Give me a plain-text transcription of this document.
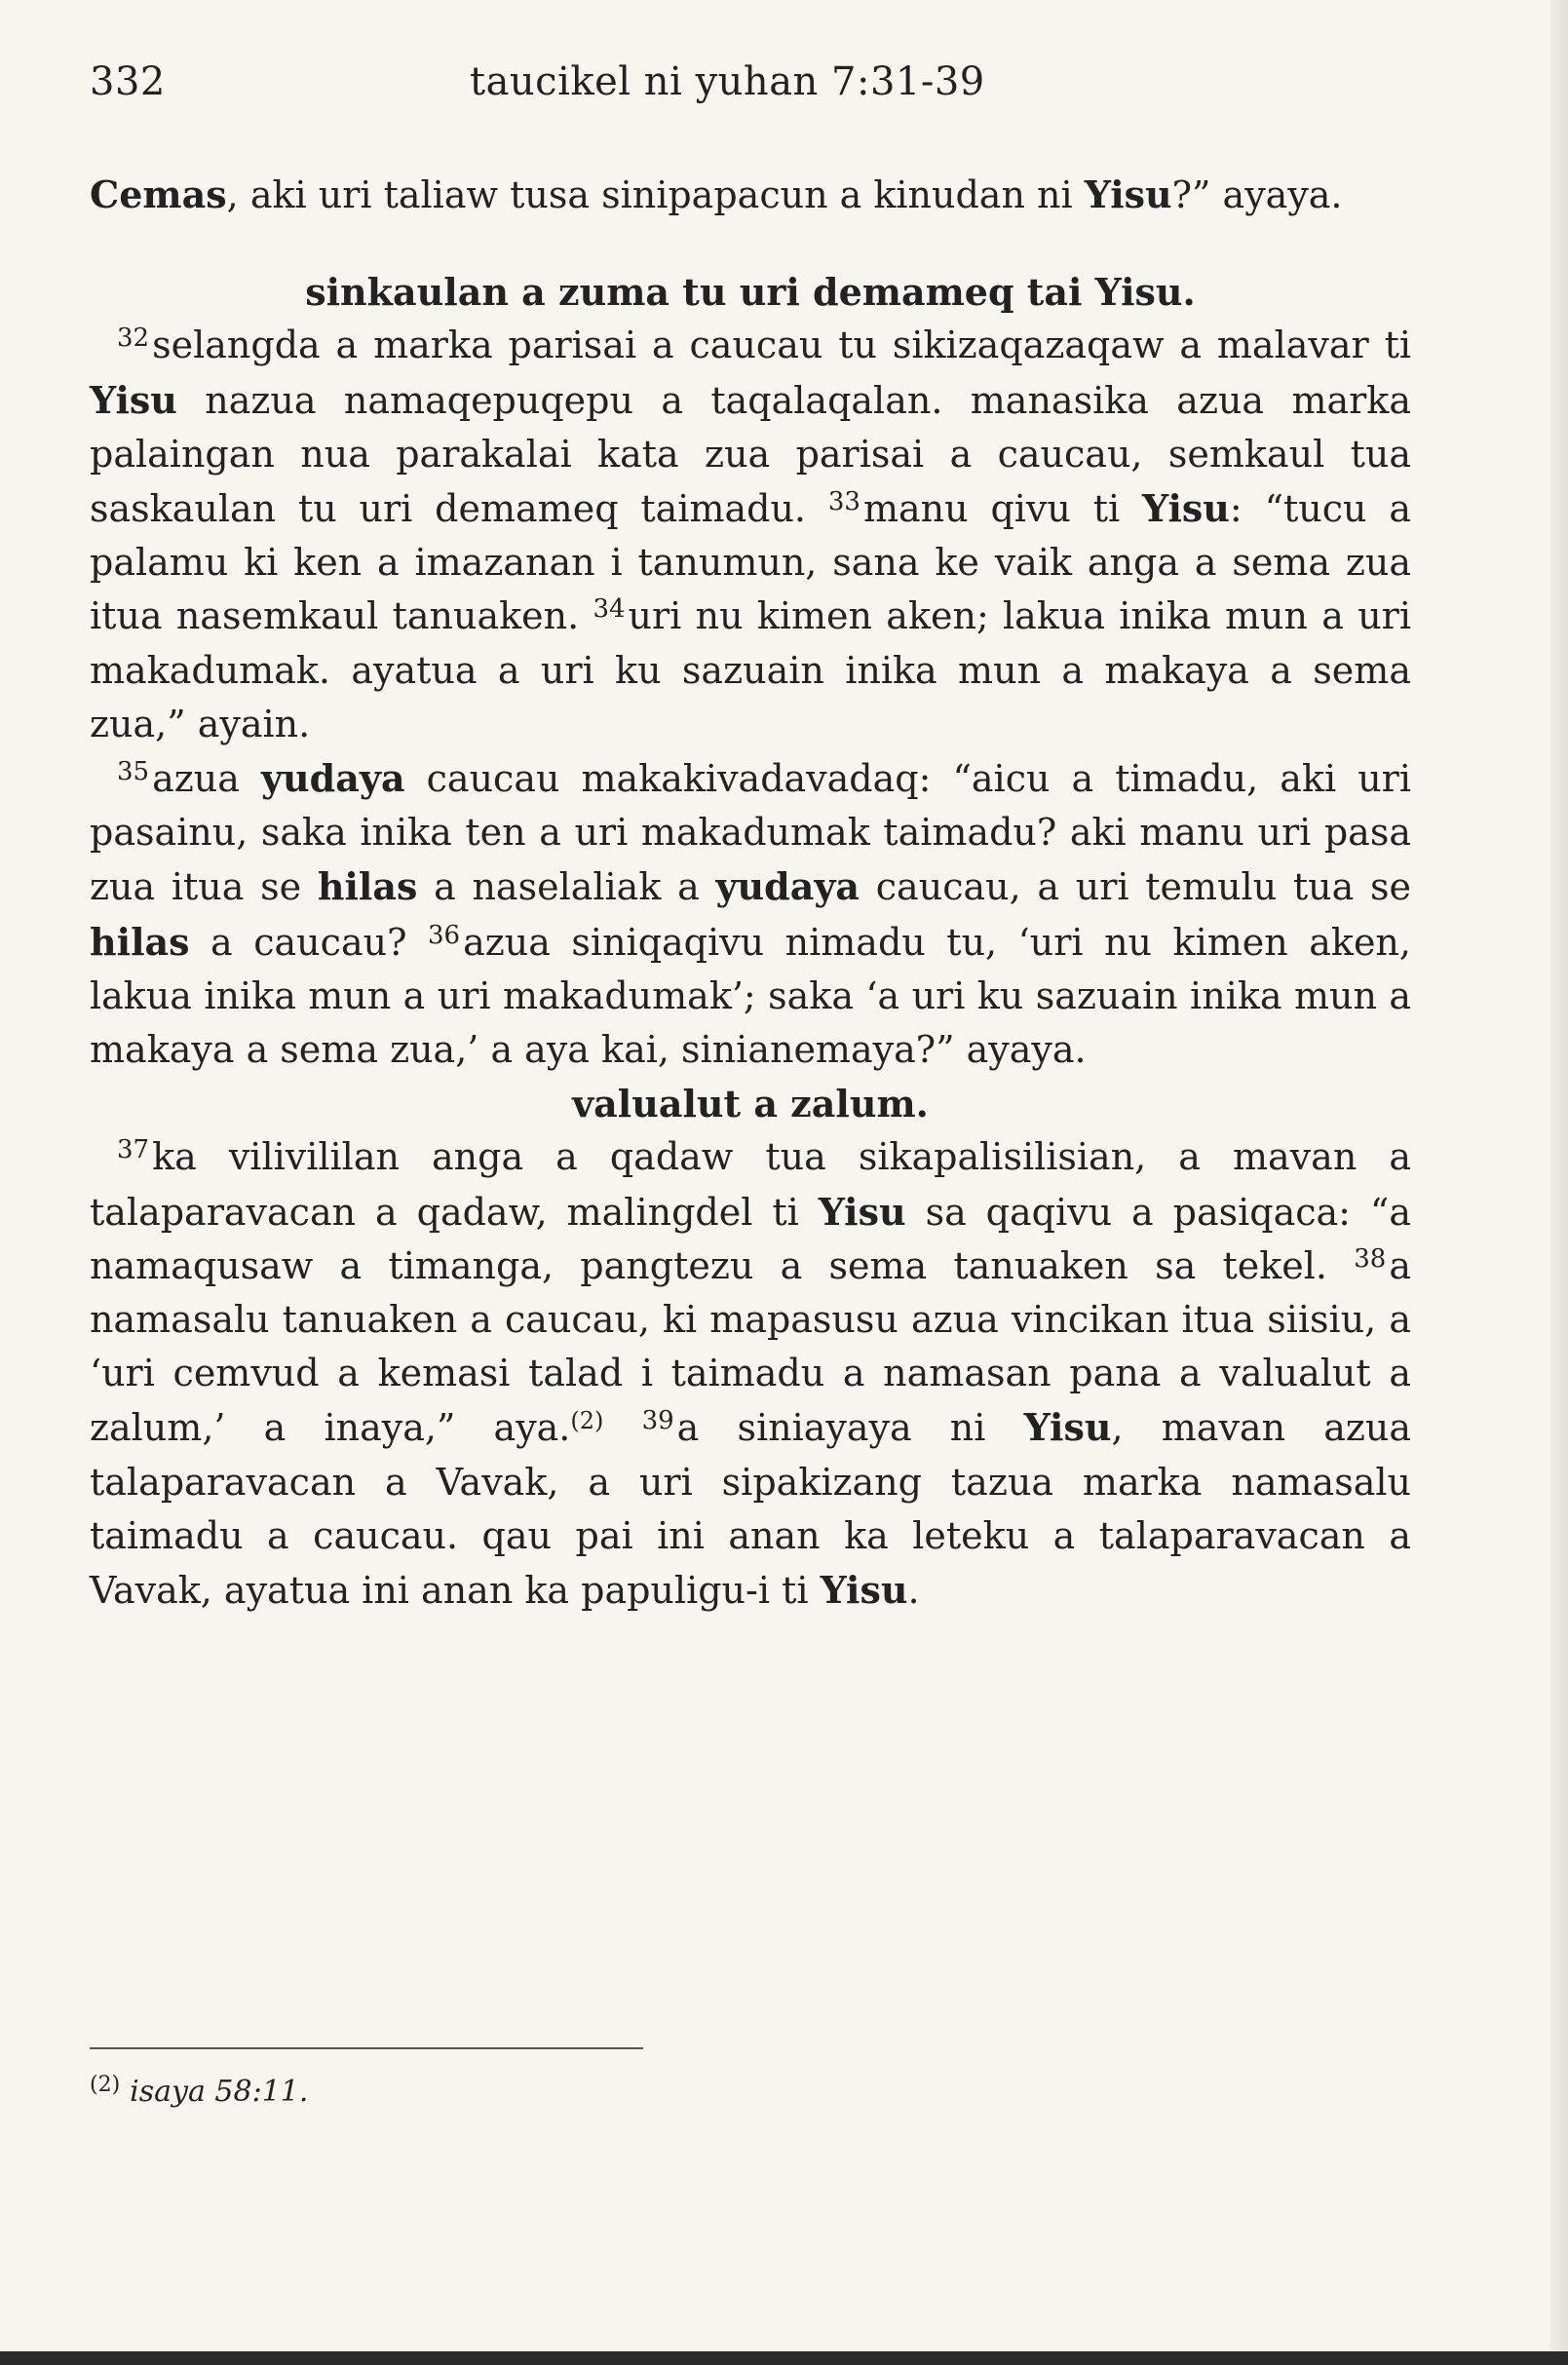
332	taucikel ni yuhan 7:31-39

Cemas, aki uri taliaw tusa sinipapacun a kinudan ni Yisu?” ayaya.

sinkaulan a zuma tu uri demameq tai Yisu.

$^{32}$selangda a marka parisai a caucau tu sikizaqazaqaw a malavar ti Yisu nazua namaqepuqepu a taqalaqalan. manasika azua marka palaingan nua parakalai kata zua parisai a caucau, semkaul tua saskaulan tu uri demameq taimadu. $^{33}$manu qivu ti Yisu: “tucu a palamu ki ken a imazanan i tanumun, sana ke vaik anga a sema zua itua nasemkaul tanuaken. $^{34}$uri nu kimen aken; lakua inika mun a uri makadumak. ayatua a uri ku sazuain inika mun a makaya a sema zua,” ayain.

$^{35}$azua yudaya caucau makakivadavadaq: “aicu a timadu, aki uri pasainu, saka inika ten a uri makadumak taimadu? aki manu uri pasa zua itua se hilas a naselaliak a yudaya caucau, a uri temulu tua se hilas a caucau? $^{36}$azua siniqaqivu nimadu tu, ‘uri nu kimen aken, lakua inika mun a uri makadumak’; saka ‘a uri ku sazuain inika mun a makaya a sema zua,’ a aya kai, sinianemaya?” ayaya.

valualut a zalum.

$^{37}$ka vilivililan anga a qadaw tua sikapalisilisian, a mavan a talaparavacan a qadaw, malingdel ti Yisu sa qaqivu a pasiqaca: “a namaqusaw a timanga, pangtezu a sema tanuaken sa tekel. $^{38}$a namasalu tanuaken a caucau, ki mapasusu azua vincikan itua siisiu, a ‘uri cemvud a kemasi talad i taimadu a namasan pana a valualut a zalum,’ a inaya,” aya.$^{(2)}$ $^{39}$a siniayaya ni Yisu, mavan azua talaparavacan a Vavak, a uri sipakizang tazua marka namasalu taimadu a caucau. qau pai ini anan ka leteku a talaparavacan a Vavak, ayatua ini anan ka papuligu-i ti Yisu.

$^{(2)}$ isaya 58:11.
